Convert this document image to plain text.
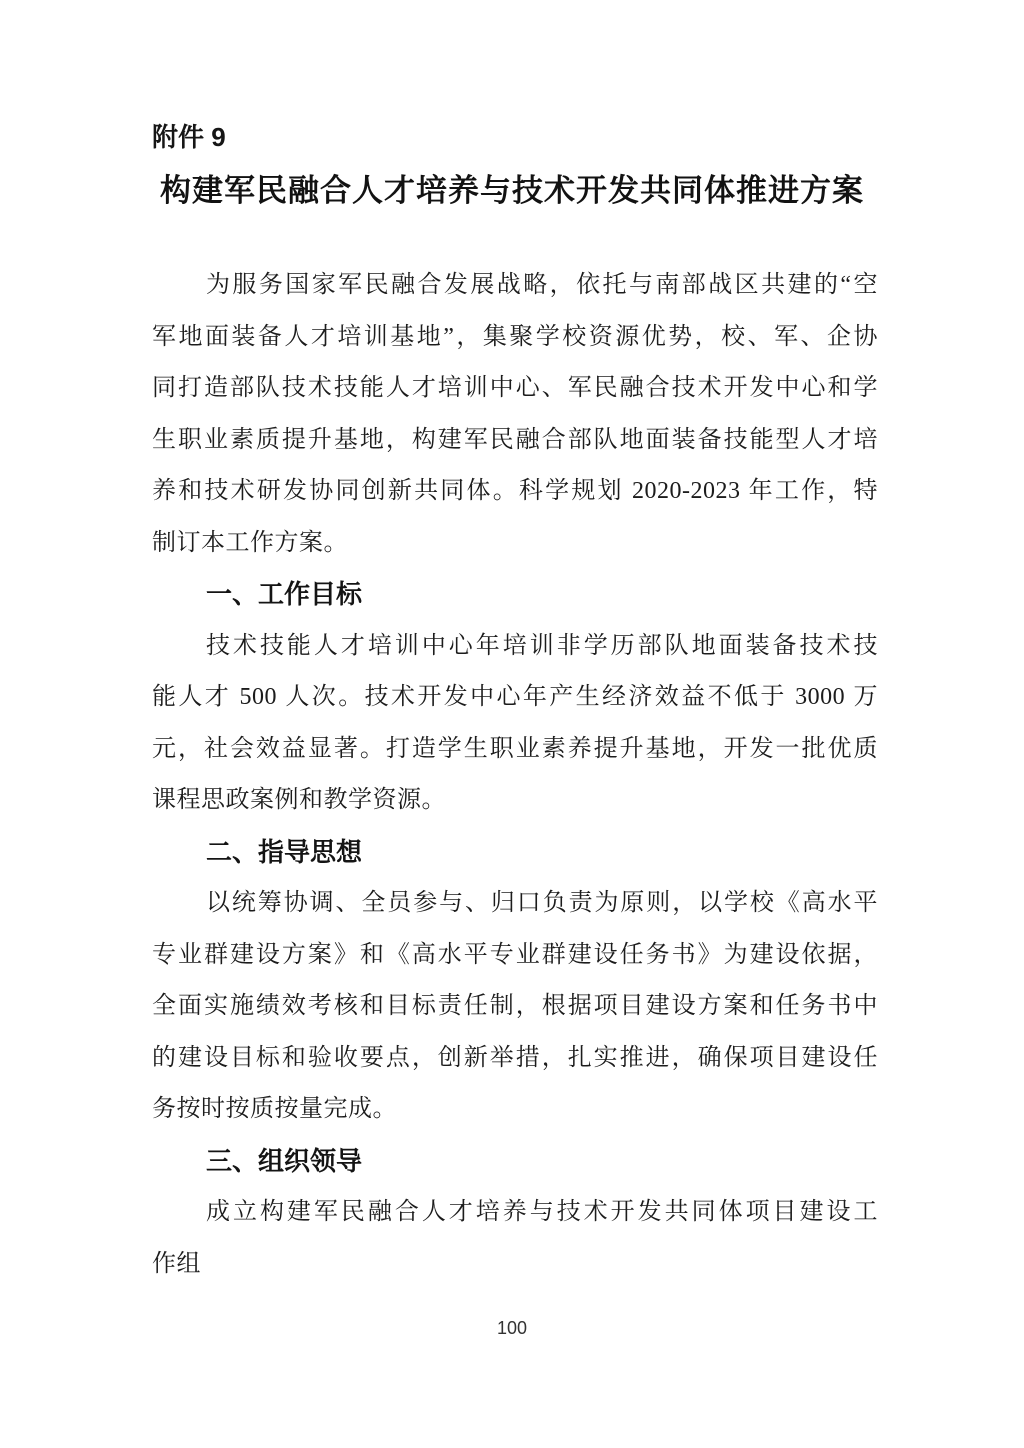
附件 9
构建军民融合人才培养与技术开发共同体推进方案
为服务国家军民融合发展战略，依托与南部战区共建的“空
军地面装备人才培训基地”，集聚学校资源优势，校、军、企协
同打造部队技术技能人才培训中心、军民融合技术开发中心和学
生职业素质提升基地，构建军民融合部队地面装备技能型人才培
养和技术研发协同创新共同体。科学规划 2020-2023 年工作，特
制订本工作方案。
一、工作目标
技术技能人才培训中心年培训非学历部队地面装备技术技
能人才 500 人次。技术开发中心年产生经济效益不低于 3000 万
元，社会效益显著。打造学生职业素养提升基地，开发一批优质
课程思政案例和教学资源。
二、指导思想
以统筹协调、全员参与、归口负责为原则，以学校《高水平
专业群建设方案》和《高水平专业群建设任务书》为建设依据，
全面实施绩效考核和目标责任制，根据项目建设方案和任务书中
的建设目标和验收要点，创新举措，扎实推进，确保项目建设任
务按时按质按量完成。
三、组织领导
成立构建军民融合人才培养与技术开发共同体项目建设工
作组
100
